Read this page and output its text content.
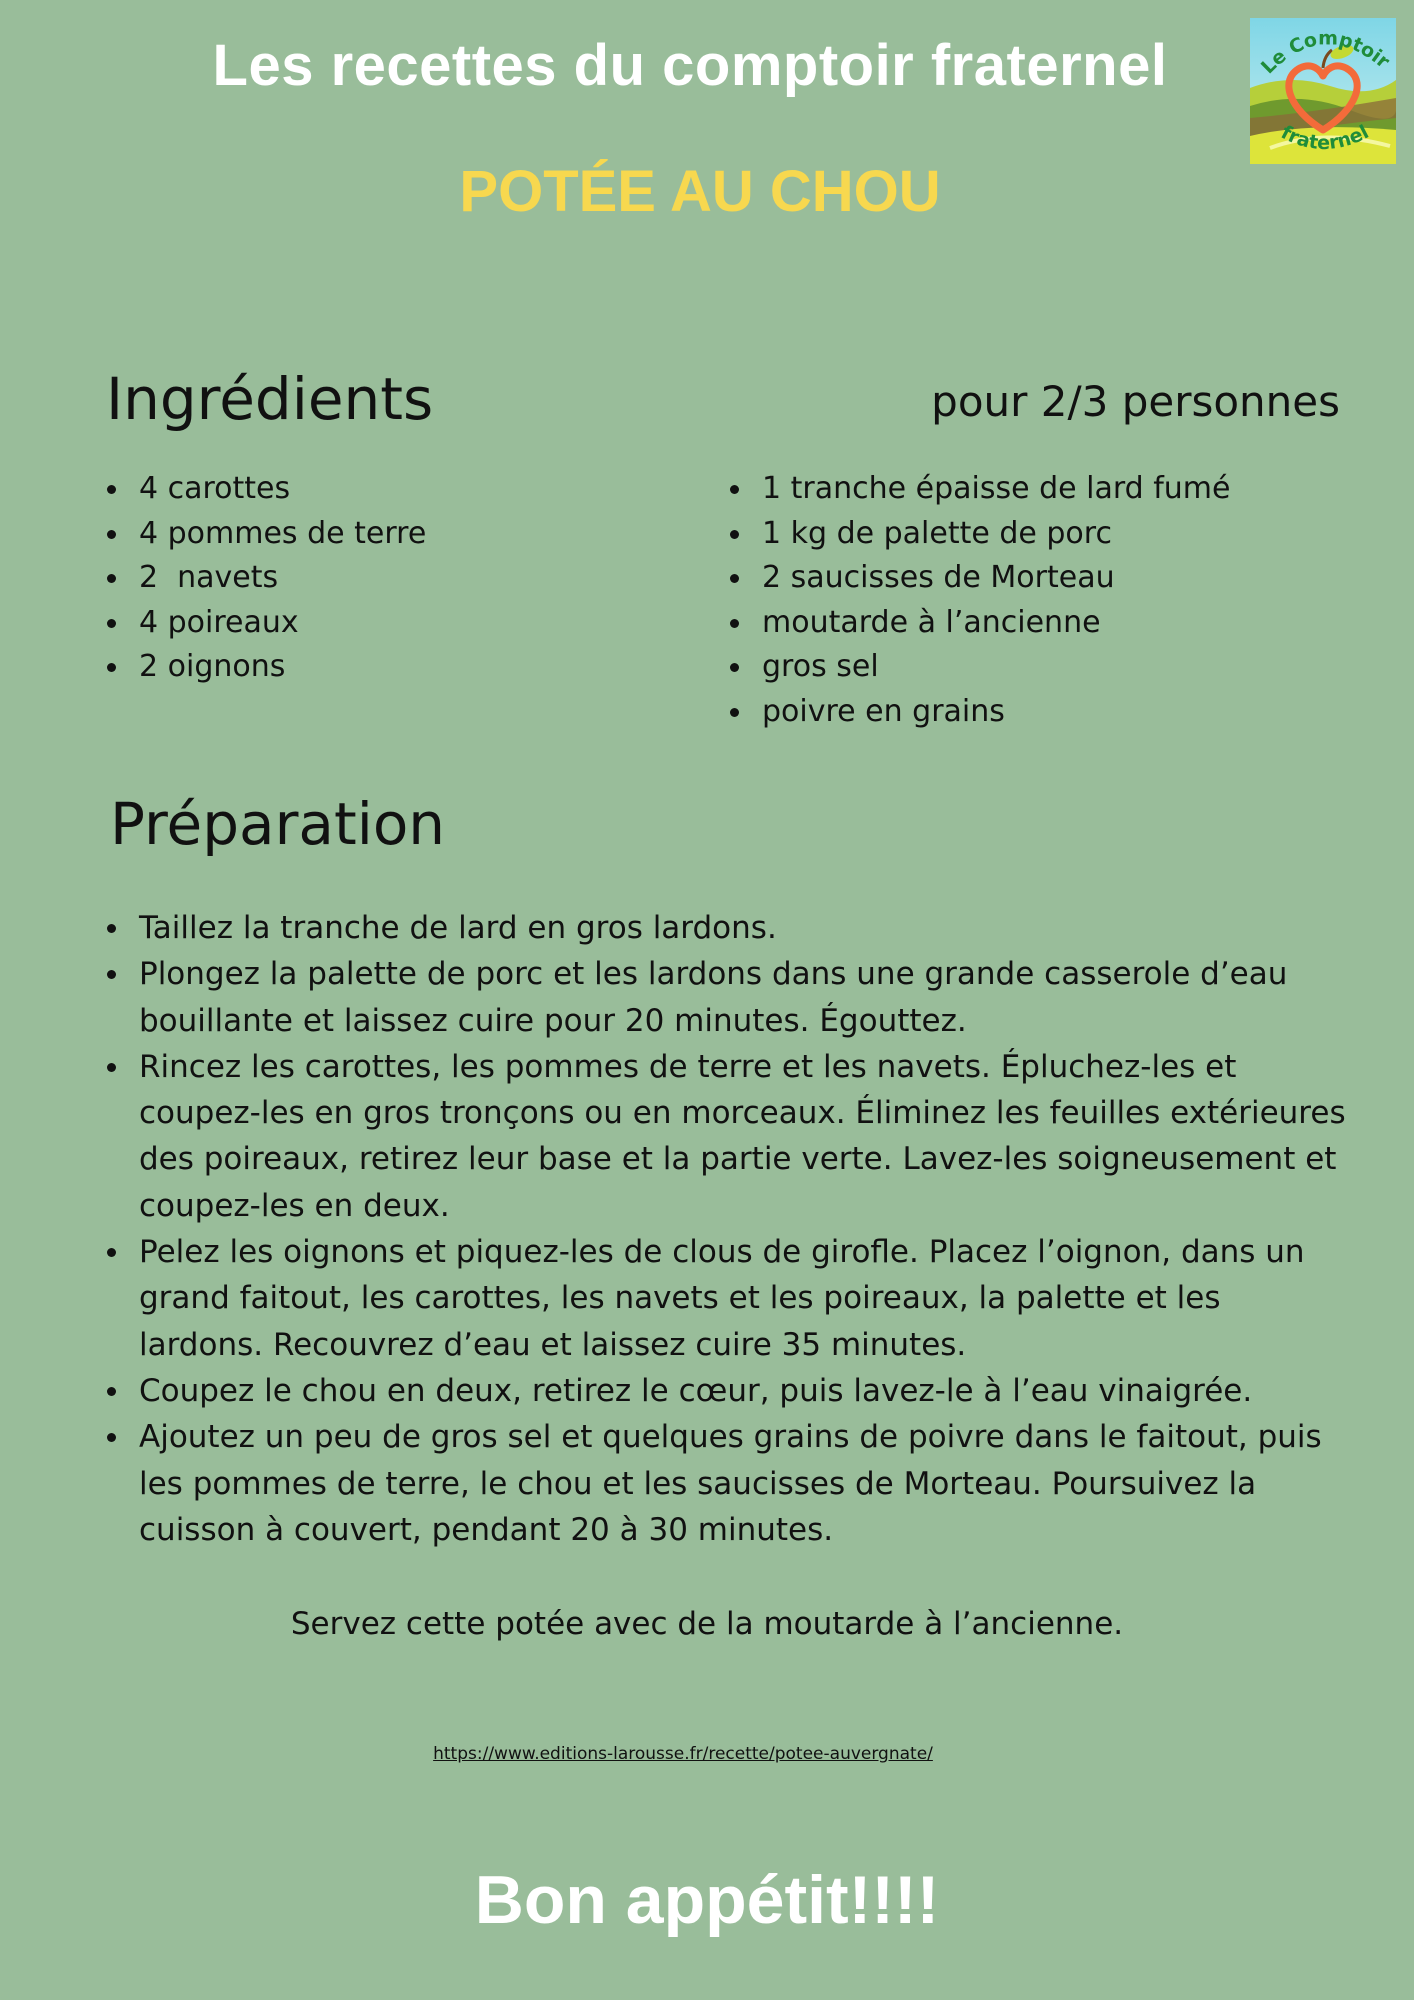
Les recettes du comptoir fraternel	Le Comptoir
fraternel
POTÉE AU CHOU
Ingrédients	pour 2/3 personnes
4 carottes
4 pommes de terre
2  navets
4 poireaux
2 oignons
1 tranche épaisse de lard fumé
1 kg de palette de porc
2 saucisses de Morteau
moutarde à l’ancienne
gros sel
poivre en grains
Préparation
Taillez la tranche de lard en gros lardons.
Plongez la palette de porc et les lardons dans une grande casserole d’eau bouillante et laissez cuire pour 20 minutes. Égouttez.
Rincez les carottes, les pommes de terre et les navets. Épluchez-les et coupez-les en gros tronçons ou en morceaux. Éliminez les feuilles extérieures des poireaux, retirez leur base et la partie verte. Lavez-les soigneusement et coupez-les en deux.
Pelez les oignons et piquez-les de clous de girofle. Placez l’oignon, dans un grand faitout, les carottes, les navets et les poireaux, la palette et les lardons. Recouvrez d’eau et laissez cuire 35 minutes.
Coupez le chou en deux, retirez le cœur, puis lavez-le à l’eau vinaigrée.
Ajoutez un peu de gros sel et quelques grains de poivre dans le faitout, puis les pommes de terre, le chou et les saucisses de Morteau. Poursuivez la cuisson à couvert, pendant 20 à 30 minutes.
Servez cette potée avec de la moutarde à l’ancienne.
https://www.editions-larousse.fr/recette/potee-auvergnate/
Bon appétit!!!!
